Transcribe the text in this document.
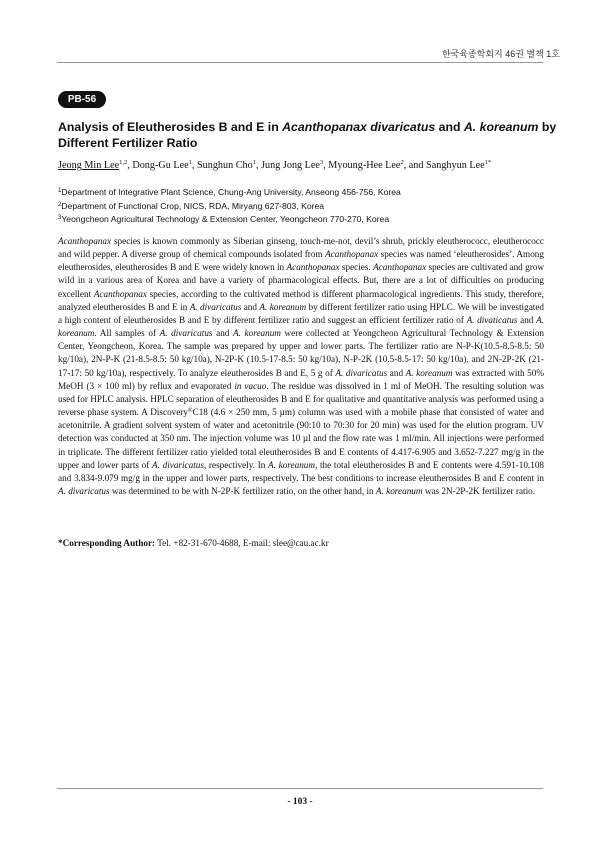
한국육종학회지 46권 별책 1호
PB-56
Analysis of Eleutherosides B and E in Acanthopanax divaricatus and A. koreanum by Different Fertilizer Ratio
Jeong Min Lee$^{1,2}$, Dong-Gu Lee$^1$, Sunghun Cho$^1$, Jung Jong Lee$^3$, Myoung-Hee Lee$^2$, and Sanghyun Lee$^{1*}$
$^1$Department of Integrative Plant Science, Chung-Ang University, Anseong 456-756, Korea
$^2$Department of Functional Crop, NICS, RDA, Miryang 627-803, Korea
$^3$Yeongcheon Agricultural Technology & Extension Center, Yeongcheon 770-270, Korea

Acanthopanax species is known commonly as Siberian ginseng, touch-me-not, devil’s shrub, prickly eleutherococc, eleutherococc and wild pepper. A diverse group of chemical compounds isolated from Acanthopanax species was named ‘eleutherosides’. Among eleutherosides, eleutherosides B and E were widely known in Acanthopanax species. Acanthopanax species are cultivated and grow wild in a various area of Korea and have a variety of pharmacological effects. But, there are a lot of difficulties on producing excellent Acanthopanax species, according to the cultivated method is different pharmacological ingredients. This study, therefore, analyzed eleutherosides B and E in A. divaricatus and A. koreanum by different fertilizer ratio using HPLC. We will be investigated a high content of eleutherosides B and E by different fertilizer ratio and suggest an efficient fertilizer ratio of A. divaticatus and A. koreanum. All samples of A. divaricatus and A. koreanum were collected at Yeongcheon Agricultural Technology & Extension Center, Yeongcheon, Korea. The sample was prepared by upper and lower parts. The fertilizer ratio are N-P-K(10.5-8.5-8.5: 50 kg/10a), 2N-P-K (21-8.5-8.5: 50 kg/10a), N-2P-K (10.5-17-8.5: 50 kg/10a), N-P-2K (10.5-8.5-17: 50 kg/10a), and 2N-2P-2K (21-17-17: 50 kg/10a), respectively. To analyze eleutherosides B and E, 5 g of A. divaricatus and A. koreanum was extracted with 50% MeOH (3 × 100 ml) by reflux and evaporated in vacuo. The residue was dissolved in 1 ml of MeOH. The resulting solution was used for HPLC analysis. HPLC separation of eleutherosides B and E for qualitative and quantitative analysis was performed using a reverse phase system. A Discovery®C18 (4.6 × 250 mm, 5 µm) column was used with a mobile phase that consisted of water and acetonitrile. A gradient solvent system of water and acetonitrile (90:10 to 70:30 for 20 min) was used for the elution program. UV detection was conducted at 350 nm. The injection volume was 10 µl and the flow rate was 1 ml/min. All injections were performed in triplicate. The different fertilizer ratio yielded total eleutherosides B and E contents of 4.417-6.905 and 3.652-7.227 mg/g in the upper and lower parts of A. divaricatus, respectively. In A. koreanum, the total eleutherosides B and E contents were 4.591-10.108 and 3.834-9.079 mg/g in the upper and lower parts, respectively. The best conditions to increase eleutherosides B and E content in A. divaricatus was determined to be with N-2P-K fertilizer ratio, on the other hand, in A. koreanum was 2N-2P-2K fertilizer ratio.

*Corresponding Author: Tel. +82-31-670-4688, E-mail: slee@cau.ac.kr
- 103 -
